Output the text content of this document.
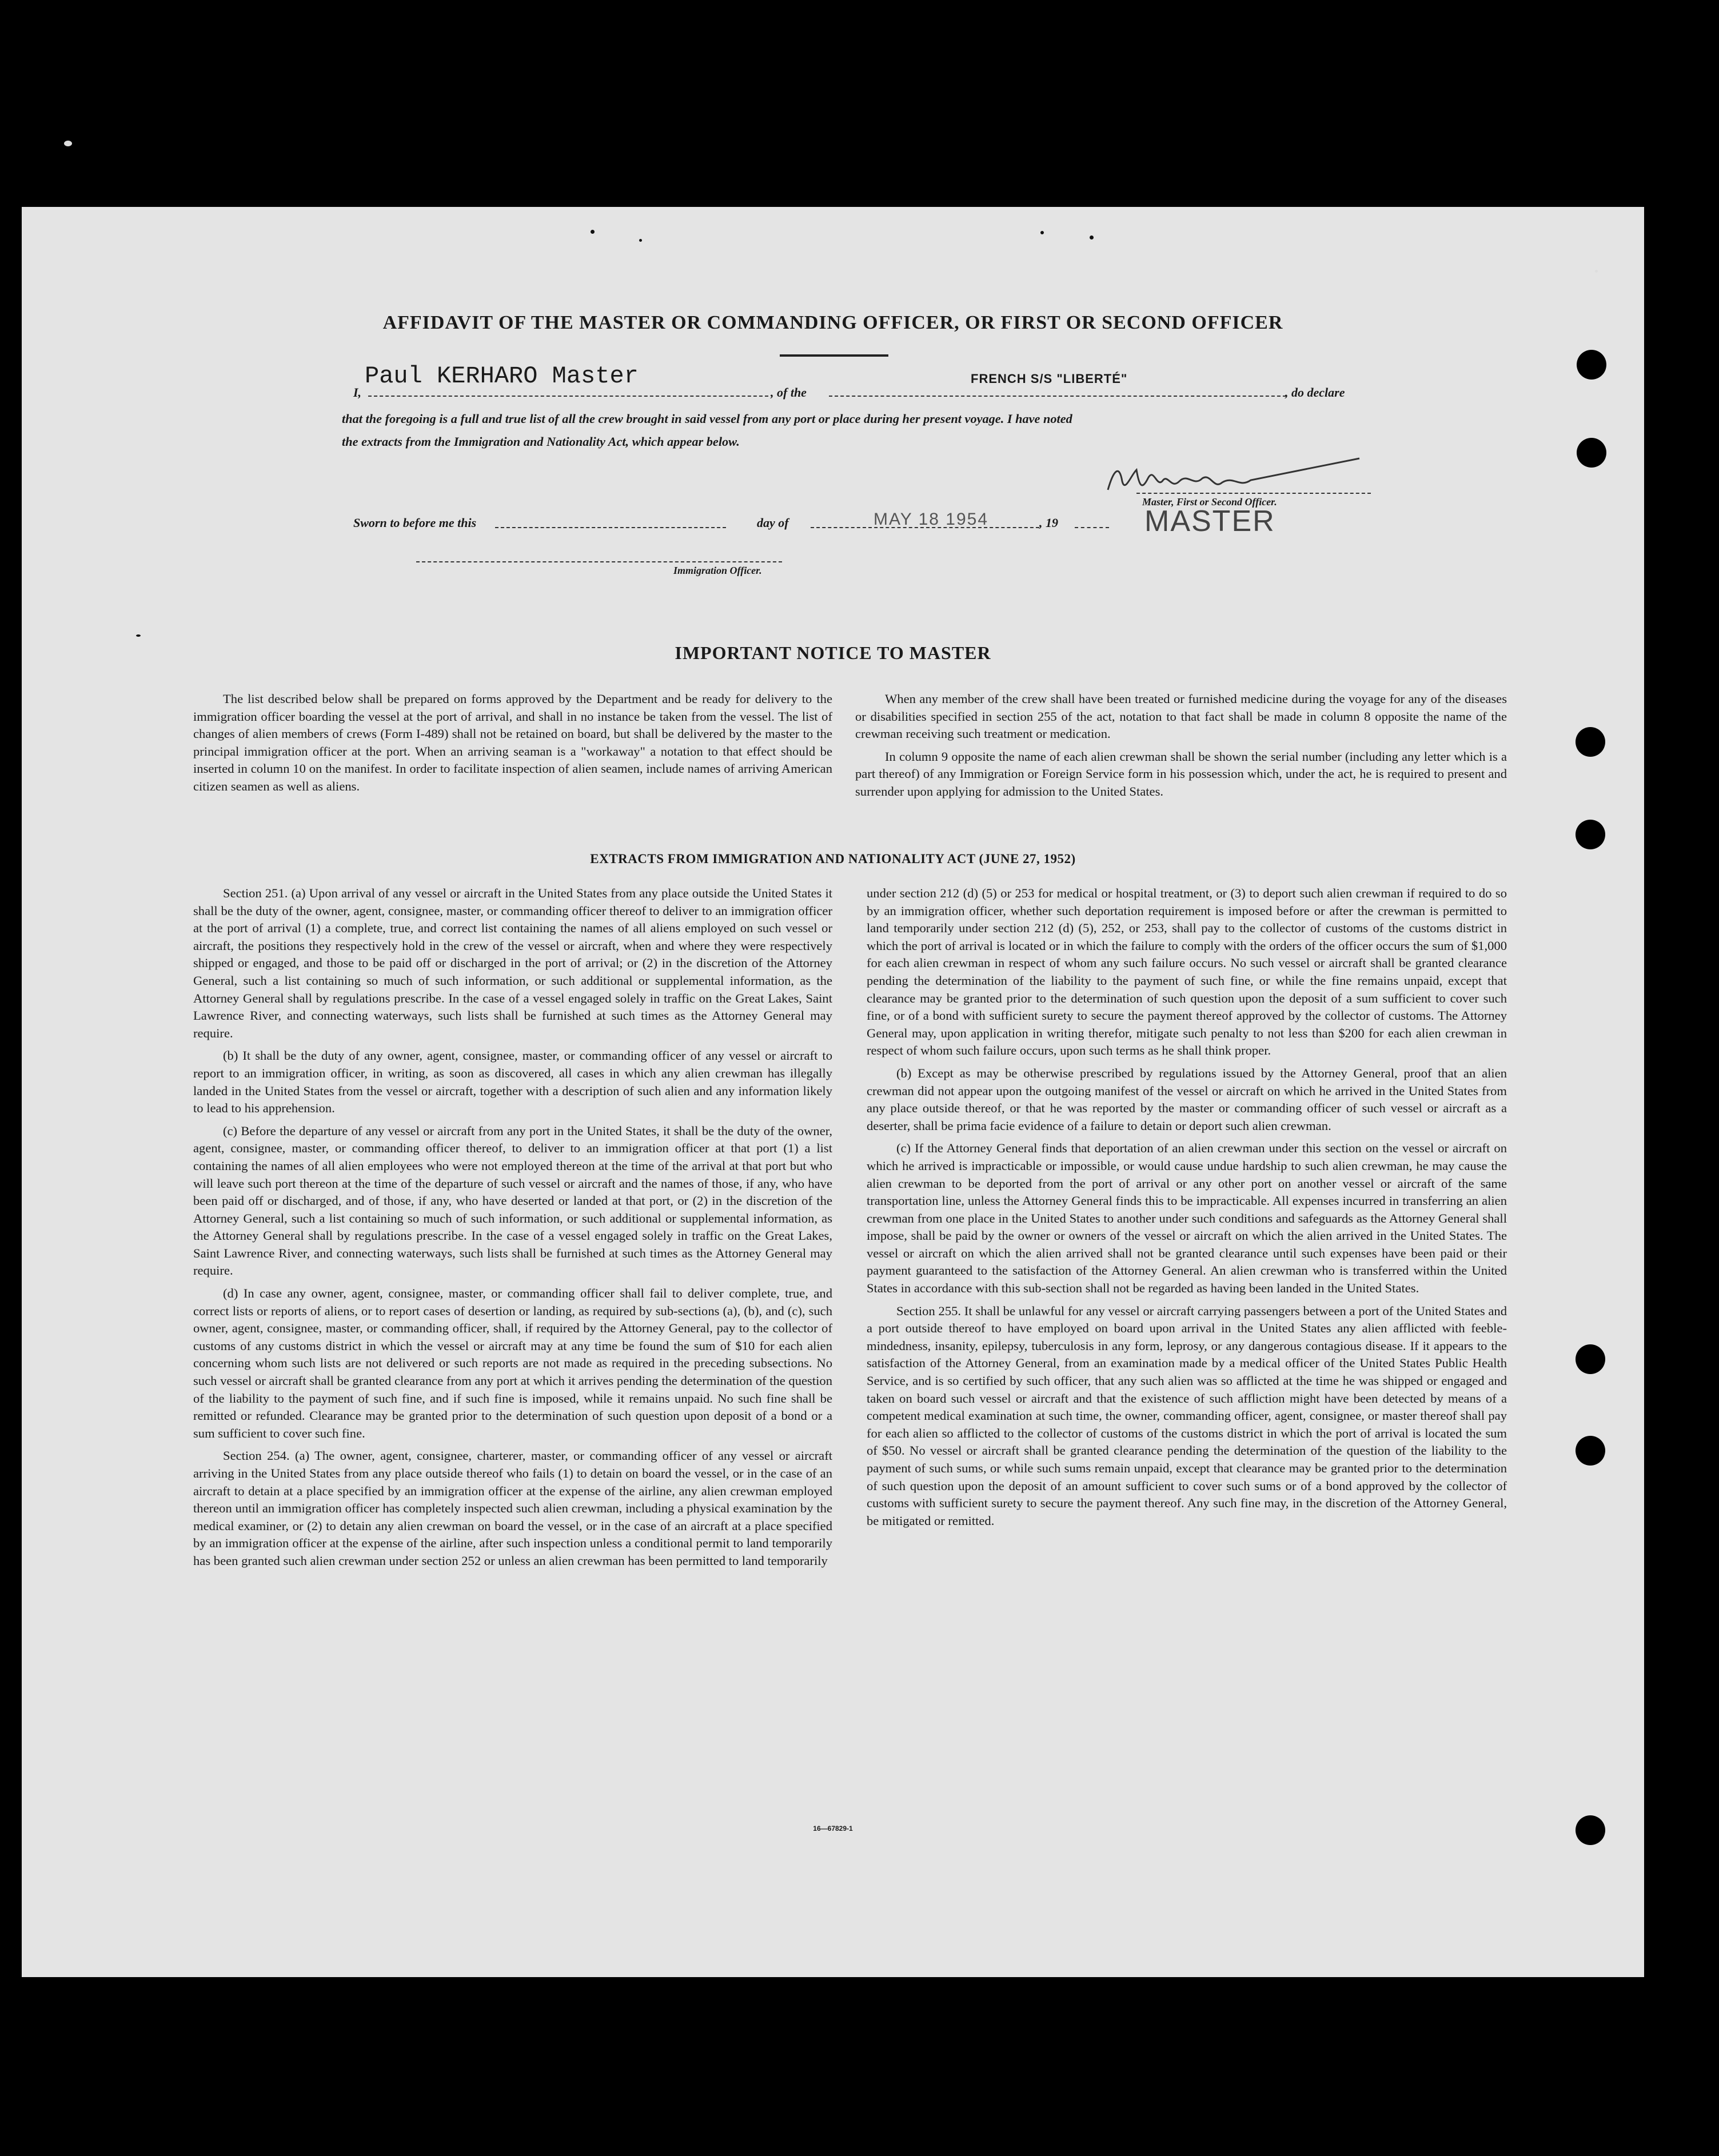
AFFIDAVIT OF THE MASTER OR COMMANDING OFFICER, OR FIRST OR SECOND OFFICER
I,
Paul KERHARO Master
, of the
FRENCH S/S "LIBERTÉ"
, do declare
that the foregoing is a full and true list of all the crew brought in said vessel from any port or place during her present voyage. I have noted
the extracts from the Immigration and Nationality Act, which appear below.
Master, First or Second Officer.
Sworn to before me this	day of	MAY 18 1954	, 19	MASTER
Immigration Officer.
IMPORTANT NOTICE TO MASTER

The list described below shall be prepared on forms approved by the Department and be ready for delivery to the immigration officer boarding the vessel at the port of arrival, and shall in no instance be taken from the vessel. The list of changes of alien members of crews (Form I-489) shall not be retained on board, but shall be delivered by the master to the principal immigration officer at the port. When an arriving seaman is a "workaway" a notation to that effect should be inserted in column 10 on the manifest. In order to facilitate inspection of alien seamen, include names of arriving American citizen seamen as well as aliens.

When any member of the crew shall have been treated or furnished medicine during the voyage for any of the diseases or disabilities specified in section 255 of the act, notation to that fact shall be made in column 8 opposite the name of the crewman receiving such treatment or medication.

In column 9 opposite the name of each alien crewman shall be shown the serial number (including any letter which is a part thereof) of any Immigration or Foreign Service form in his possession which, under the act, he is required to present and surrender upon applying for admission to the United States.

EXTRACTS FROM IMMIGRATION AND NATIONALITY ACT (JUNE 27, 1952)

Section 251. (a) Upon arrival of any vessel or aircraft in the United States from any place outside the United States it shall be the duty of the owner, agent, consignee, master, or commanding officer thereof to deliver to an immigration officer at the port of arrival (1) a complete, true, and correct list containing the names of all aliens employed on such vessel or aircraft, the positions they respectively hold in the crew of the vessel or aircraft, when and where they were respectively shipped or engaged, and those to be paid off or discharged in the port of arrival; or (2) in the discretion of the Attorney General, such a list containing so much of such information, or such additional or supplemental information, as the Attorney General shall by regulations prescribe. In the case of a vessel engaged solely in traffic on the Great Lakes, Saint Lawrence River, and connecting waterways, such lists shall be furnished at such times as the Attorney General may require.

(b) It shall be the duty of any owner, agent, consignee, master, or commanding officer of any vessel or aircraft to report to an immigration officer, in writing, as soon as discovered, all cases in which any alien crewman has illegally landed in the United States from the vessel or aircraft, together with a description of such alien and any information likely to lead to his apprehension.

(c) Before the departure of any vessel or aircraft from any port in the United States, it shall be the duty of the owner, agent, consignee, master, or commanding officer thereof, to deliver to an immigration officer at that port (1) a list containing the names of all alien employees who were not employed thereon at the time of the arrival at that port but who will leave such port thereon at the time of the departure of such vessel or aircraft and the names of those, if any, who have been paid off or discharged, and of those, if any, who have deserted or landed at that port, or (2) in the discretion of the Attorney General, such a list containing so much of such information, or such additional or supplemental information, as the Attorney General shall by regulations prescribe. In the case of a vessel engaged solely in traffic on the Great Lakes, Saint Lawrence River, and connecting waterways, such lists shall be furnished at such times as the Attorney General may require.

(d) In case any owner, agent, consignee, master, or commanding officer shall fail to deliver complete, true, and correct lists or reports of aliens, or to report cases of desertion or landing, as required by sub-sections (a), (b), and (c), such owner, agent, consignee, master, or commanding officer, shall, if required by the Attorney General, pay to the collector of customs of any customs district in which the vessel or aircraft may at any time be found the sum of $10 for each alien concerning whom such lists are not delivered or such reports are not made as required in the preceding subsections. No such vessel or aircraft shall be granted clearance from any port at which it arrives pending the determination of the question of the liability to the payment of such fine, and if such fine is imposed, while it remains unpaid. No such fine shall be remitted or refunded. Clearance may be granted prior to the determination of such question upon deposit of a bond or a sum sufficient to cover such fine.

Section 254. (a) The owner, agent, consignee, charterer, master, or commanding officer of any vessel or aircraft arriving in the United States from any place outside thereof who fails (1) to detain on board the vessel, or in the case of an aircraft to detain at a place specified by an immigration officer at the expense of the airline, any alien crewman employed thereon until an immigration officer has completely inspected such alien crewman, including a physical examination by the medical examiner, or (2) to detain any alien crewman on board the vessel, or in the case of an aircraft at a place specified by an immigration officer at the expense of the airline, after such inspection unless a conditional permit to land temporarily has been granted such alien crewman under section 252 or unless an alien crewman has been permitted to land temporarily

under section 212 (d) (5) or 253 for medical or hospital treatment, or (3) to deport such alien crewman if required to do so by an immigration officer, whether such deportation requirement is imposed before or after the crewman is permitted to land temporarily under section 212 (d) (5), 252, or 253, shall pay to the collector of customs of the customs district in which the port of arrival is located or in which the failure to comply with the orders of the officer occurs the sum of $1,000 for each alien crewman in respect of whom any such failure occurs. No such vessel or aircraft shall be granted clearance pending the determination of the liability to the payment of such fine, or while the fine remains unpaid, except that clearance may be granted prior to the determination of such question upon the deposit of a sum sufficient to cover such fine, or of a bond with sufficient surety to secure the payment thereof approved by the collector of customs. The Attorney General may, upon application in writing therefor, mitigate such penalty to not less than $200 for each alien crewman in respect of whom such failure occurs, upon such terms as he shall think proper.

(b) Except as may be otherwise prescribed by regulations issued by the Attorney General, proof that an alien crewman did not appear upon the outgoing manifest of the vessel or aircraft on which he arrived in the United States from any place outside thereof, or that he was reported by the master or commanding officer of such vessel or aircraft as a deserter, shall be prima facie evidence of a failure to detain or deport such alien crewman.

(c) If the Attorney General finds that deportation of an alien crewman under this section on the vessel or aircraft on which he arrived is impracticable or impossible, or would cause undue hardship to such alien crewman, he may cause the alien crewman to be deported from the port of arrival or any other port on another vessel or aircraft of the same transportation line, unless the Attorney General finds this to be impracticable. All expenses incurred in transferring an alien crewman from one place in the United States to another under such conditions and safeguards as the Attorney General shall impose, shall be paid by the owner or owners of the vessel or aircraft on which the alien arrived in the United States. The vessel or aircraft on which the alien arrived shall not be granted clearance until such expenses have been paid or their payment guaranteed to the satisfaction of the Attorney General. An alien crewman who is transferred within the United States in accordance with this sub-section shall not be regarded as having been landed in the United States.

Section 255. It shall be unlawful for any vessel or aircraft carrying passengers between a port of the United States and a port outside thereof to have employed on board upon arrival in the United States any alien afflicted with feeble-mindedness, insanity, epilepsy, tuberculosis in any form, leprosy, or any dangerous contagious disease. If it appears to the satisfaction of the Attorney General, from an examination made by a medical officer of the United States Public Health Service, and is so certified by such officer, that any such alien was so afflicted at the time he was shipped or engaged and taken on board such vessel or aircraft and that the existence of such affliction might have been detected by means of a competent medical examination at such time, the owner, commanding officer, agent, consignee, or master thereof shall pay for each alien so afflicted to the collector of customs of the customs district in which the port of arrival is located the sum of $50. No vessel or aircraft shall be granted clearance pending the determination of the question of the liability to the payment of such sums, or while such sums remain unpaid, except that clearance may be granted prior to the determination of such question upon the deposit of an amount sufficient to cover such sums or of a bond approved by the collector of customs with sufficient surety to secure the payment thereof. Any such fine may, in the discretion of the Attorney General, be mitigated or remitted.

16—67829-1
